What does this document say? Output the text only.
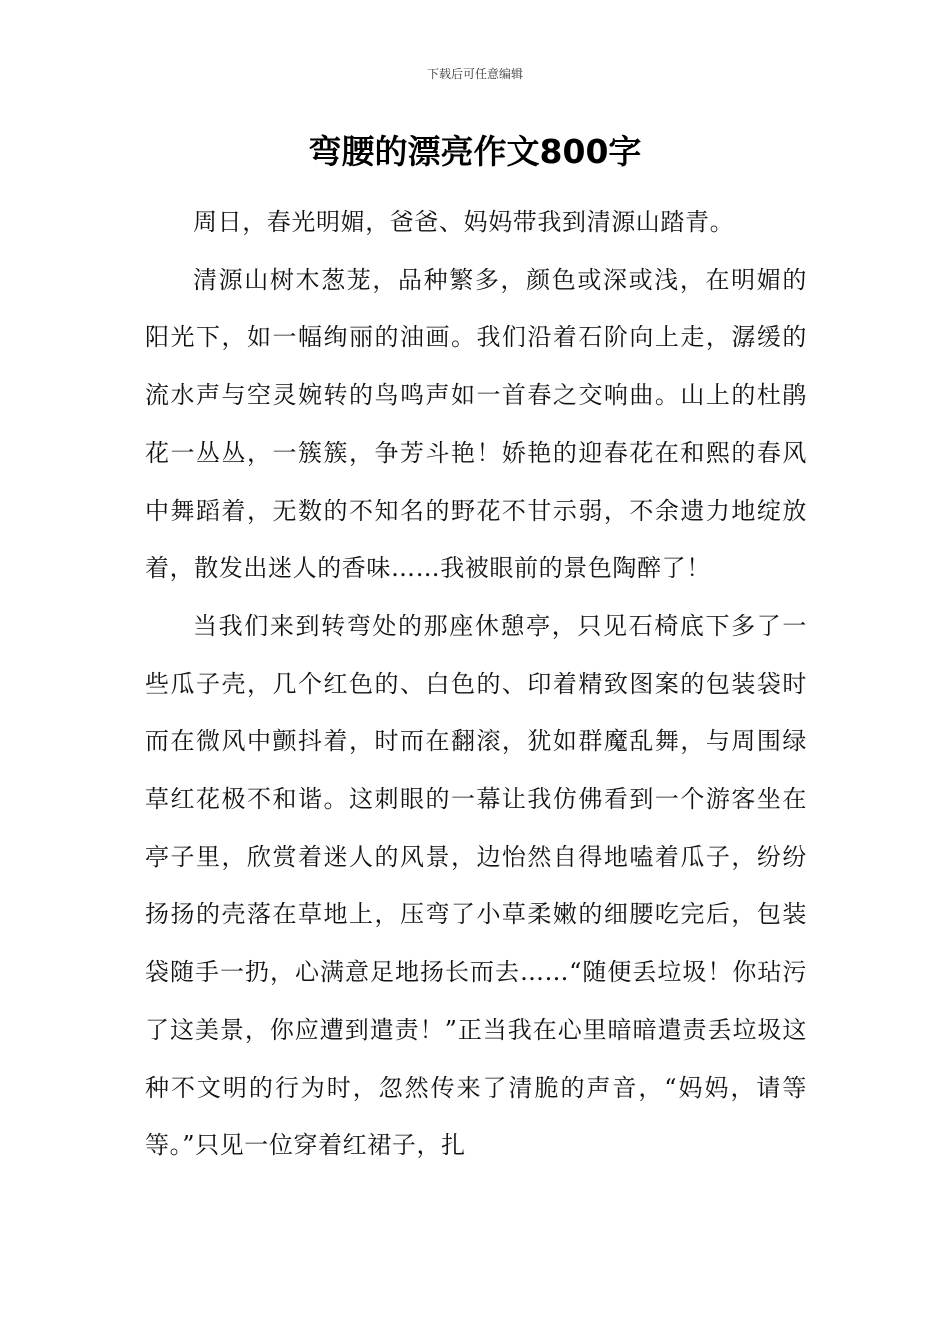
下载后可任意编辑
弯腰的漂亮作文800字

周日，春光明媚，爸爸、妈妈带我到清源山踏青。

清源山树木葱茏，品种繁多，颜色或深或浅，在明媚的阳光下，如一幅绚丽的油画。我们沿着石阶向上走，潺缓的流水声与空灵婉转的鸟鸣声如一首春之交响曲。山上的杜鹃花一丛丛，一簇簇，争芳斗艳！娇艳的迎春花在和熙的春风中舞蹈着，无数的不知名的野花不甘示弱，不余遗力地绽放着，散发出迷人的香味……我被眼前的景色陶醉了！

当我们来到转弯处的那座休憩亭，只见石椅底下多了一些瓜子壳，几个红色的、白色的、印着精致图案的包装袋时而在微风中颤抖着，时而在翻滚，犹如群魔乱舞，与周围绿草红花极不和谐。这刺眼的一幕让我仿佛看到一个游客坐在亭子里，欣赏着迷人的风景，边怡然自得地嗑着瓜子，纷纷扬扬的壳落在草地上，压弯了小草柔嫩的细腰吃完后，包装袋随手一扔，心满意足地扬长而去……“随便丢垃圾！你玷污了这美景，你应遭到遣责！”正当我在心里暗暗遣责丢垃圾这种不文明的行为时，忽然传来了清脆的声音，“妈妈，请等等。”只见一位穿着红裙子，扎
